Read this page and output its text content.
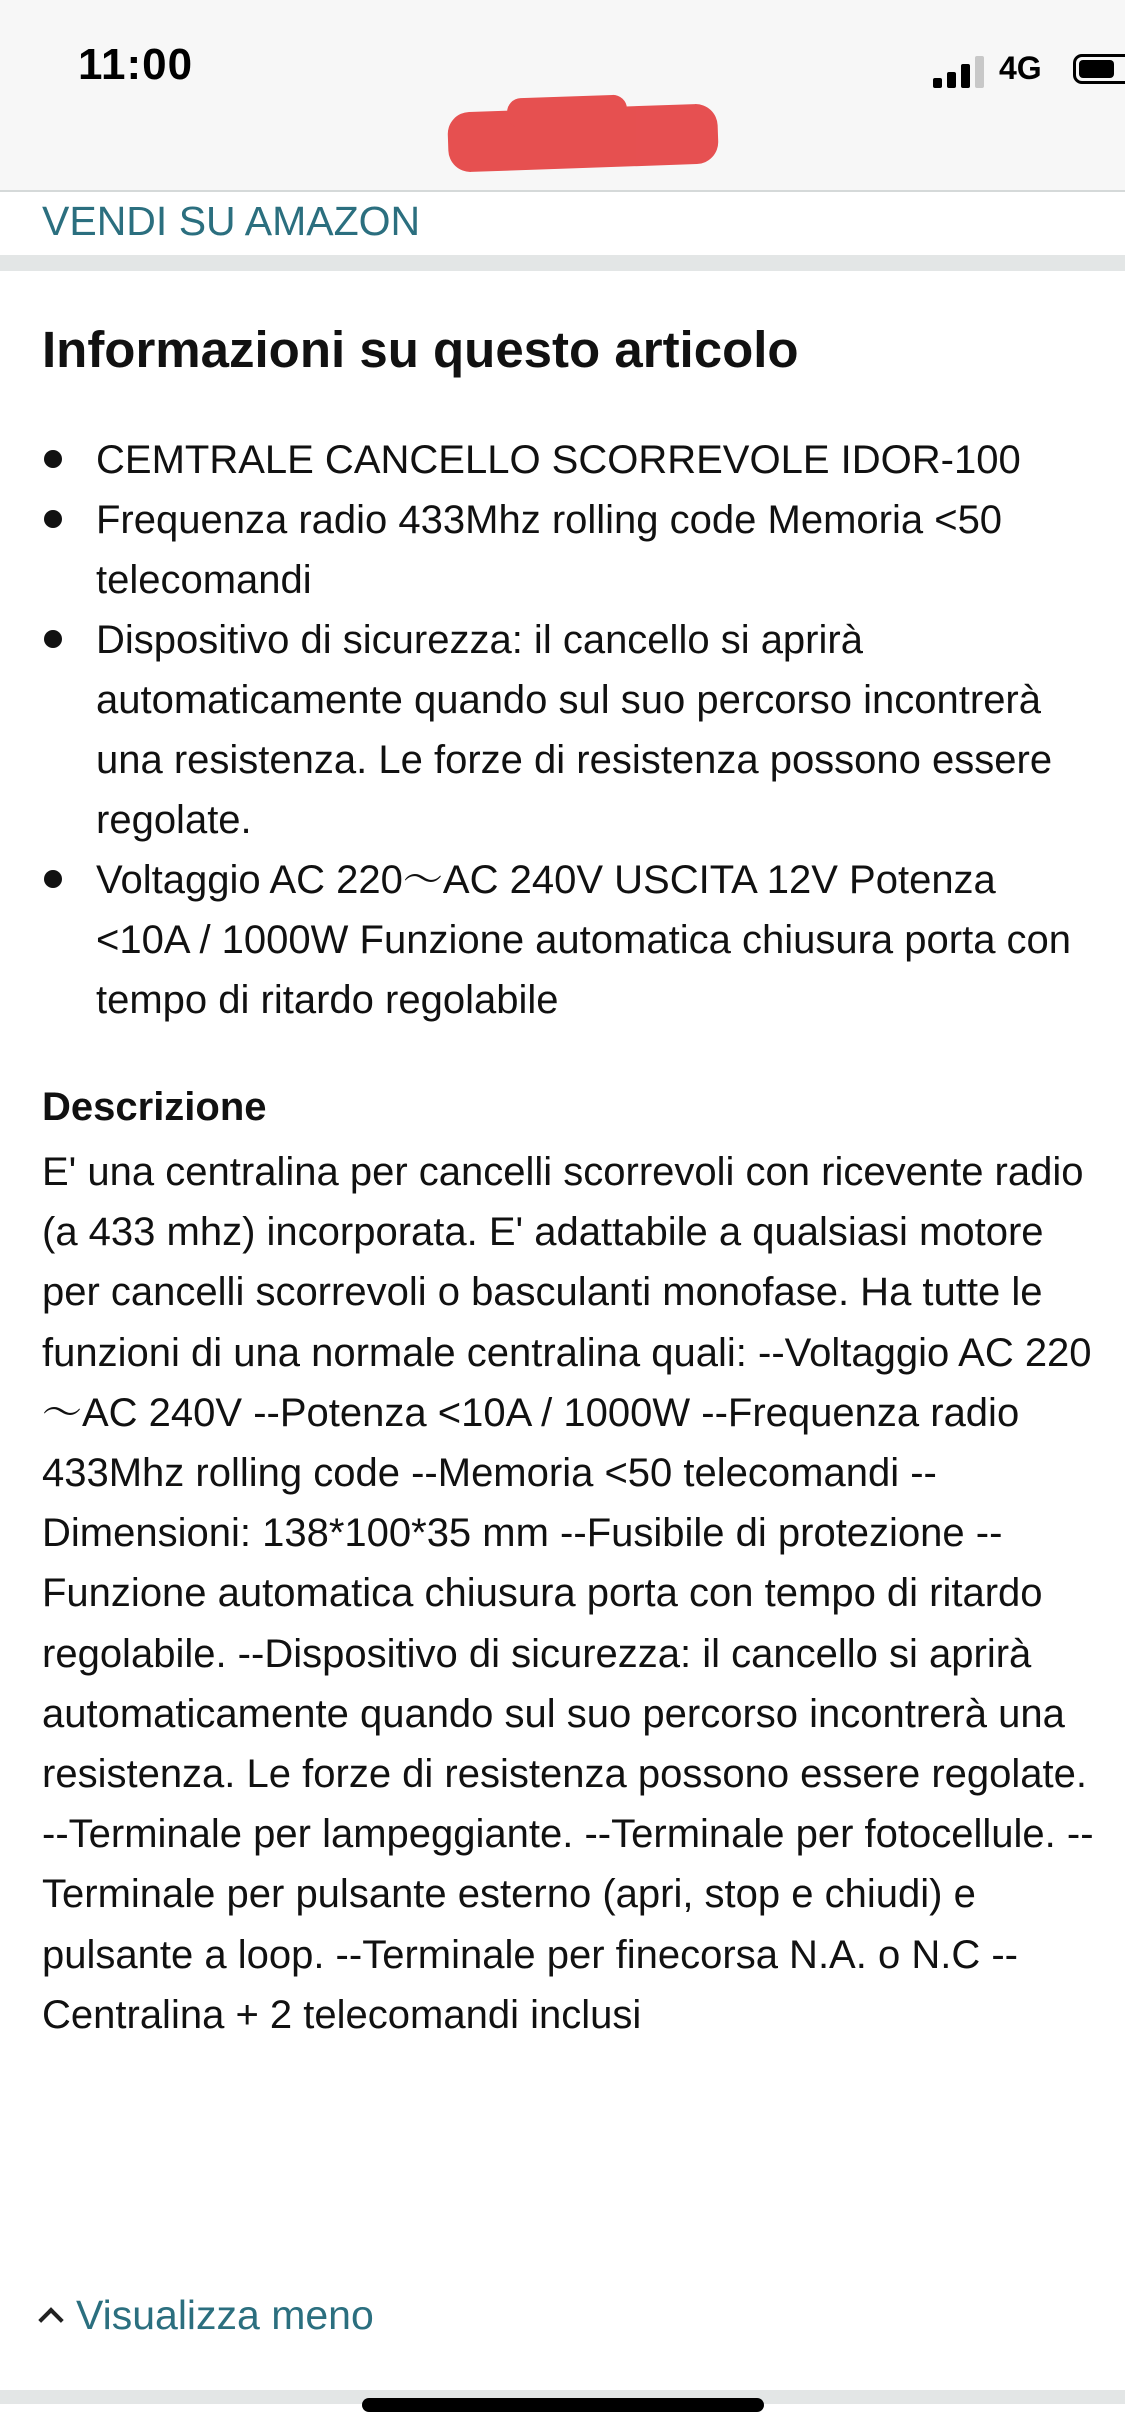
11:00	4G
VENDI SU AMAZON
Informazioni su questo articolo
CEMTRALE CANCELLO SCORREVOLE IDOR-100
Frequenza radio 433Mhz rolling code Memoria <50 telecomandi
Dispositivo di sicurezza: il cancello si aprirà automaticamente quando sul suo percorso incontrerà una resistenza. Le forze di resistenza possono essere regolate.
Voltaggio AC 220～AC 240V USCITA 12V Potenza <10A / 1000W Funzione automatica chiusura porta con tempo di ritardo regolabile
Descrizione
E' una centralina per cancelli scorrevoli con ricevente radio (a 433 mhz) incorporata. E' adattabile a qualsiasi motore per cancelli scorrevoli o basculanti monofase. Ha tutte le funzioni di una normale centralina quali: --Voltaggio AC 220～AC 240V --Potenza <10A / 1000W --Frequenza radio 433Mhz rolling code --Memoria <50 telecomandi --Dimensioni: 138*100*35 mm --Fusibile di protezione --Funzione automatica chiusura porta con tempo di ritardo regolabile. --Dispositivo di sicurezza: il cancello si aprirà automaticamente quando sul suo percorso incontrerà una resistenza. Le forze di resistenza possono essere regolate. --Terminale per lampeggiante. --Terminale per fotocellule. --Terminale per pulsante esterno (apri, stop e chiudi) e pulsante a loop. --Terminale per finecorsa N.A. o N.C --Centralina + 2 telecomandi inclusi
Visualizza meno
